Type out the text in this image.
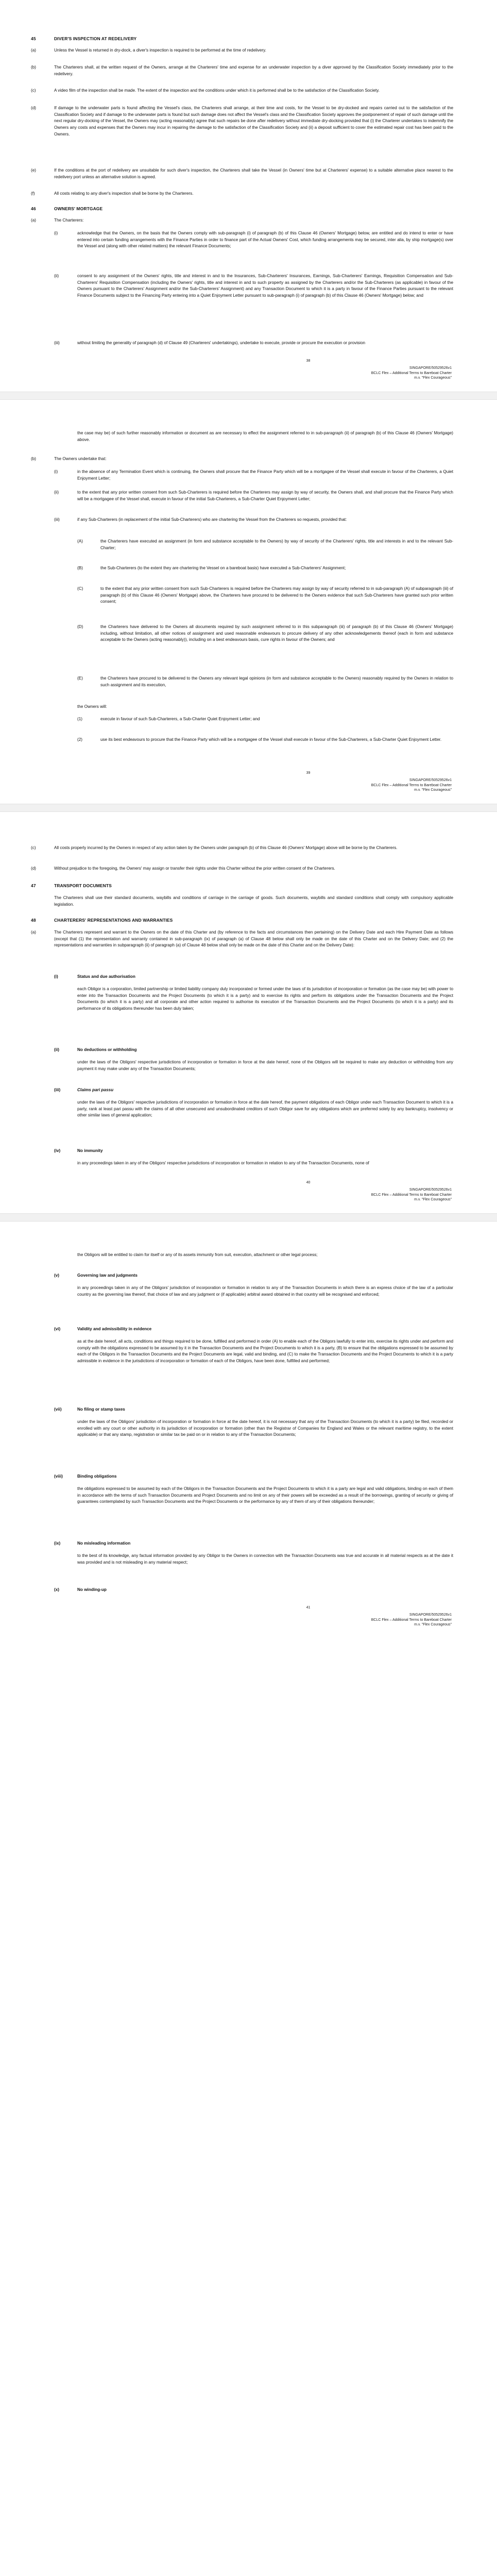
45	DIVER'S INSPECTION AT REDELIVERY
(a)	Unless the Vessel is returned in dry-dock, a diver's inspection is required to be performed at the time of redelivery.
(b)	The Charterers shall, at the written request of the Owners, arrange at the Charterers' time and expense for an underwater inspection by a diver approved by the Classification Society immediately prior to the redelivery.
(c)	A video film of the inspection shall be made. The extent of the inspection and the conditions under which it is performed shall be to the satisfaction of the Classification Society.
(d)	If damage to the underwater parts is found affecting the Vessel's class, the Charterers shall arrange, at their time and costs, for the Vessel to be dry-docked and repairs carried out to the satisfaction of the Classification Society and if damage to the underwater parts is found but such damage does not affect the Vessel's class and the Classification Society approves the postponement of repair of such damage until the next regular dry-docking of the Vessel, the Owners may (acting reasonably) agree that such repairs be done after redelivery without immediate dry-docking provided that (i) the Charterer undertakes to indemnify the Owners any costs and expenses that the Owners may incur in repairing the damage to the satisfaction of the Classification Society and (ii) a deposit sufficient to cover the estimated repair cost has been paid to the Owners.
(e)	If the conditions at the port of redelivery are unsuitable for such diver's inspection, the Charterers shall take the Vessel (in Owners' time but at Charterers' expense) to a suitable alternative place nearest to the redelivery port unless an alternative solution is agreed.
(f)	All costs relating to any diver's inspection shall be borne by the Charterers.
46	OWNERS' MORTGAGE
(a)	The Charterers:
(i)	acknowledge that the Owners, on the basis that the Owners comply with sub-paragraph (i) of paragraph (b) of this Clause 46 (Owners' Mortgage) below, are entitled and do intend to enter or have entered into certain funding arrangements with the Finance Parties in order to finance part of the Actual Owners' Cost, which funding arrangements may be secured, inter alia, by ship mortgage(s) over the Vessel and (along with other related matters) the relevant Finance Documents;
(ii)	consent to any assignment of the Owners' rights, title and interest in and to the Insurances, Sub-Charterers' Insurances, Earnings, Sub-Charterers' Earnings, Requisition Compensation and Sub-Charterers' Requisition Compensation (including the Owners' rights, title and interest in and to such property as assigned by the Charterers and/or the Sub-Charterers (as applicable) in favour of the Owners pursuant to the Charterers' Assignment and/or the Sub-Charterers' Assignment) and any Transaction Document to which it is a party in favour of the Finance Parties pursuant to the relevant Finance Documents subject to the Financing Party entering into a Quiet Enjoyment Letter pursuant to sub-paragraph (i) of paragraph (b) of this Clause 46 (Owners' Mortgage) below; and
(iii)	without limiting the generality of paragraph (d) of Clause 49 (Charterers' undertakings), undertake to execute, provide or procure the execution or provision
38
SINGAPORE/50529526v1
BCLC Flex – Additional Terms to Bareboat Charter
m.v. "Flex Courageous"
the case may be) of such further reasonably information or document as are necessary to effect the assignment referred to in sub-paragraph (ii) of paragraph (b) of this Clause 46 (Owners' Mortgage) above.
(b)	The Owners undertake that:
(i)	in the absence of any Termination Event which is continuing, the Owners shall procure that the Finance Party which will be a mortgagee of the Vessel shall execute in favour of the Charterers, a Quiet Enjoyment Letter;
(ii)	to the extent that any prior written consent from such Sub-Charterers is required before the Charterers may assign by way of security, the Owners shall, and shall procure that the Finance Party which will be a mortgagee of the Vessel shall, execute in favour of the initial Sub-Charterers, a Sub-Charter Quiet Enjoyment Letter;
(iii)	if any Sub-Charterers (in replacement of the initial Sub-Charterers) who are chartering the Vessel from the Charterers so requests, provided that:
(A)	the Charterers have executed an assignment (in form and substance acceptable to the Owners) by way of security of the Charterers' rights, title and interests in and to the relevant Sub-Charter;
(B)	the Sub-Charterers (to the extent they are chartering the Vessel on a bareboat basis) have executed a Sub-Charterers' Assignment;
(C)	to the extent that any prior written consent from such Sub-Charterers is required before the Charterers may assign by way of security referred to in sub-paragraph (A) of subparagraph (iii) of paragraph (b) of this Clause 46 (Owners' Mortgage) above, the Charterers have procured to be delivered to the Owners evidence that such Sub-Charterers have granted such prior written consent;
(D)	the Charterers have delivered to the Owners all documents required by such assignment referred to in this subparagraph (iii) of paragraph (b) of this Clause 46 (Owners' Mortgage) including, without limitation, all other notices of assignment and used reasonable endeavours to procure delivery of any other acknowledgements thereof (each in form and substance acceptable to the Owners (acting reasonably)), including on a best endeavours basis, cure rights in favour of the Owners; and
(E)	the Charterers have procured to be delivered to the Owners any relevant legal opinions (in form and substance acceptable to the Owners) reasonably required by the Owners in relation to such assignment and its execution,
the Owners will:
(1)	execute in favour of such Sub-Charterers, a Sub-Charter Quiet Enjoyment Letter; and
(2)	use its best endeavours to procure that the Finance Party which will be a mortgagee of the Vessel shall execute in favour of the Sub-Charterers, a Sub-Charter Quiet Enjoyment Letter.
39
SINGAPORE/50529526v1
BCLC Flex – Additional Terms to Bareboat Charter
m.v. "Flex Courageous"
(c)	All costs properly incurred by the Owners in respect of any action taken by the Owners under paragraph (b) of this Clause 46 (Owners' Mortgage) above will be borne by the Charterers.
(d)	Without prejudice to the foregoing, the Owners' may assign or transfer their rights under this Charter without the prior written consent of the Charterers.
47	TRANSPORT DOCUMENTS
The Charterers shall use their standard documents, waybills and conditions of carriage in the carriage of goods. Such documents, waybills and standard conditions shall comply with compulsory applicable legislation.
48	CHARTERERS' REPRESENTATIONS AND WARRANTIES
(a)	The Charterers represent and warrant to the Owners on the date of this Charter and (by reference to the facts and circumstances then pertaining) on the Delivery Date and each Hire Payment Date as follows (except that (1) the representation and warranty contained in sub-paragraph (ix) of paragraph (a) of Clause 48 below shall only be made on the date of this Charter and on the Delivery Date; and (2) the representations and warranties in subparagraph (ii) of paragraph (a) of Clause 48 below shall only be made on the date of this Charter and on the Delivery Date):
(i)	Status and due authorisation
each Obligor is a corporation, limited partnership or limited liability company duly incorporated or formed under the laws of its jurisdiction of incorporation or formation (as the case may be) with power to enter into the Transaction Documents and the Project Documents (to which it is a party) and to exercise its rights and perform its obligations under the Transaction Documents and the Project Documents (to which it is a party) and all corporate and other action required to authorise its execution of the Transaction Documents and the Project Documents (to which it is a party) and its performance of its obligations thereunder has been duly taken;
(ii)	No deductions or withholding
under the laws of the Obligors' respective jurisdictions of incorporation or formation in force at the date hereof, none of the Obligors will be required to make any deduction or withholding from any payment it may make under any of the Transaction Documents;
(iii)	Claims pari passu
under the laws of the Obligors' respective jurisdictions of incorporation or formation in force at the date hereof, the payment obligations of each Obligor under each Transaction Document to which it is a party, rank at least pari passu with the claims of all other unsecured and unsubordinated creditors of such Obligor save for any obligations which are preferred solely by any bankruptcy, insolvency or other similar laws of general application;
(iv)	No immunity
in any proceedings taken in any of the Obligors' respective jurisdictions of incorporation or formation in relation to any of the Transaction Documents, none of
40
SINGAPORE/50529526v1
BCLC Flex – Additional Terms to Bareboat Charter
m.v. "Flex Courageous"
the Obligors will be entitled to claim for itself or any of its assets immunity from suit, execution, attachment or other legal process;
(v)	Governing law and judgments
in any proceedings taken in any of the Obligors' jurisdiction of incorporation or formation in relation to any of the Transaction Documents in which there is an express choice of the law of a particular country as the governing law thereof, that choice of law and any judgment or (if applicable) arbitral award obtained in that country will be recognised and enforced;
(vi)	Validity and admissibility in evidence
as at the date hereof, all acts, conditions and things required to be done, fulfilled and performed in order (A) to enable each of the Obligors lawfully to enter into, exercise its rights under and perform and comply with the obligations expressed to be assumed by it in the Transaction Documents and the Project Documents to which it is a party, (B) to ensure that the obligations expressed to be assumed by each of the Obligors in the Transaction Documents and the Project Documents are legal, valid and binding, and (C) to make the Transaction Documents and the Project Documents to which it is a party admissible in evidence in the jurisdictions of incorporation or formation of each of the Obligors, have been done, fulfilled and performed;
(vii)	No filing or stamp taxes
under the laws of the Obligors' jurisdiction of incorporation or formation in force at the date hereof, it is not necessary that any of the Transaction Documents (to which it is a party) be filed, recorded or enrolled with any court or other authority in its jurisdiction of incorporation or formation (other than the Registrar of Companies for England and Wales or the relevant maritime registry, to the extent applicable) or that any stamp, registration or similar tax be paid on or in relation to any of the Transaction Documents;
(viii)	Binding obligations
the obligations expressed to be assumed by each of the Obligors in the Transaction Documents and the Project Documents to which it is a party are legal and valid obligations, binding on each of them in accordance with the terms of such Transaction Documents and Project Documents and no limit on any of their powers will be exceeded as a result of the borrowings, granting of security or giving of guarantees contemplated by such Transaction Documents and the Project Documents or the performance by any of them of any of their obligations thereunder;
(ix)	No misleading information
to the best of its knowledge, any factual information provided by any Obligor to the Owners in connection with the Transaction Documents was true and accurate in all material respects as at the date it was provided and is not misleading in any material respect;
(x)	No winding-up
41
SINGAPORE/50529526v1
BCLC Flex – Additional Terms to Bareboat Charter
m.v. "Flex Courageous"
